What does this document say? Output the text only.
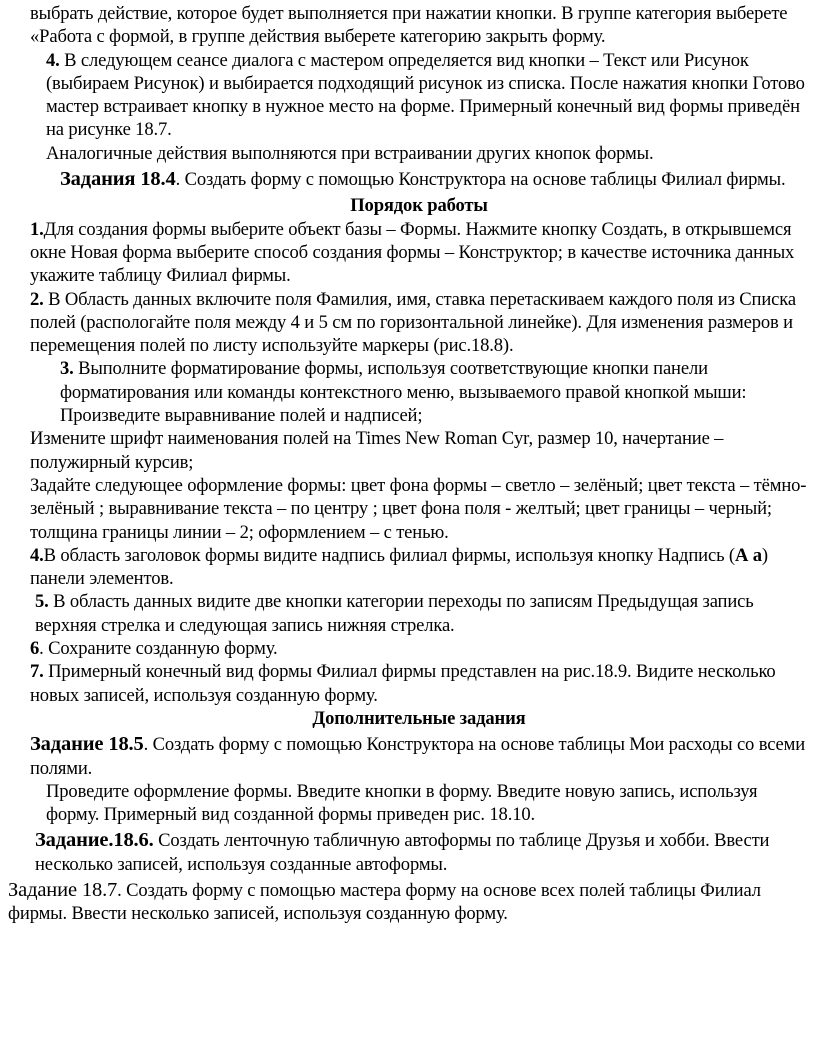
выбрать действие, которое будет выполняется при нажатии кнопки. В группе категория выберете «Работа с формой, в группе действия выберете категорию закрыть форму.

4. В следующем сеансе диалога с мастером определяется вид кнопки – Текст или Рисунок (выбираем Рисунок) и выбирается подходящий рисунок из списка. После нажатия кнопки Готово мастер встраивает кнопку в нужное место на форме. Примерный конечный вид формы приведён на рисунке 18.7.

Аналогичные действия выполняются при встраивании других кнопок формы.

Задания 18.4. Создать форму с помощью Конструктора на основе таблицы Филиал фирмы.

Порядок работы

1.Для создания формы выберите объект базы – Формы. Нажмите кнопку Создать, в открывшемся окне Новая форма выберите способ создания формы – Конструктор; в качестве источника данных укажите таблицу Филиал фирмы.

2. В Область данных включите поля Фамилия, имя, ставка перетаскиваем каждого поля из Списка полей (распологайте поля между 4 и 5 см по горизонтальной линейке). Для изменения размеров и перемещения полей по листу используйте маркеры (рис.18.8).

3. Выполните форматирование формы, используя соответствующие кнопки панели форматирования или команды контекстного меню, вызываемого правой кнопкой мыши:

Произведите выравнивание полей и надписей;

Измените шрифт наименования полей на Times New Roman Cyr, размер 10, начертание – полужирный курсив;

Задайте следующее оформление формы: цвет фона формы – светло – зелёный; цвет текста – тёмно- зелёный ; выравнивание текста – по центру ; цвет фона поля - желтый; цвет границы – черный; толщина границы линии – 2; оформлением – с тенью.

4.В область заголовок формы видите надпись филиал фирмы, используя кнопку Надпись (А а) панели элементов.

5. В область данных видите две кнопки категории переходы по записям Предыдущая запись верхняя стрелка и следующая запись нижняя стрелка.

6. Сохраните созданную форму.

7. Примерный конечный вид формы Филиал фирмы представлен на рис.18.9. Видите несколько новых записей, используя созданную форму.

Дополнительные задания

Задание 18.5. Создать форму с помощью Конструктора на основе таблицы Мои расходы со всеми полями.

Проведите оформление формы. Введите кнопки в форму. Введите новую запись, используя форму. Примерный вид созданной формы приведен рис. 18.10.

Задание.18.6. Создать ленточную табличную автоформы по таблице Друзья и хобби. Ввести несколько записей, используя созданные автоформы.

Задание 18.7. Создать форму с помощью мастера форму на основе всех полей таблицы Филиал фирмы. Ввести несколько записей, используя созданную форму.
